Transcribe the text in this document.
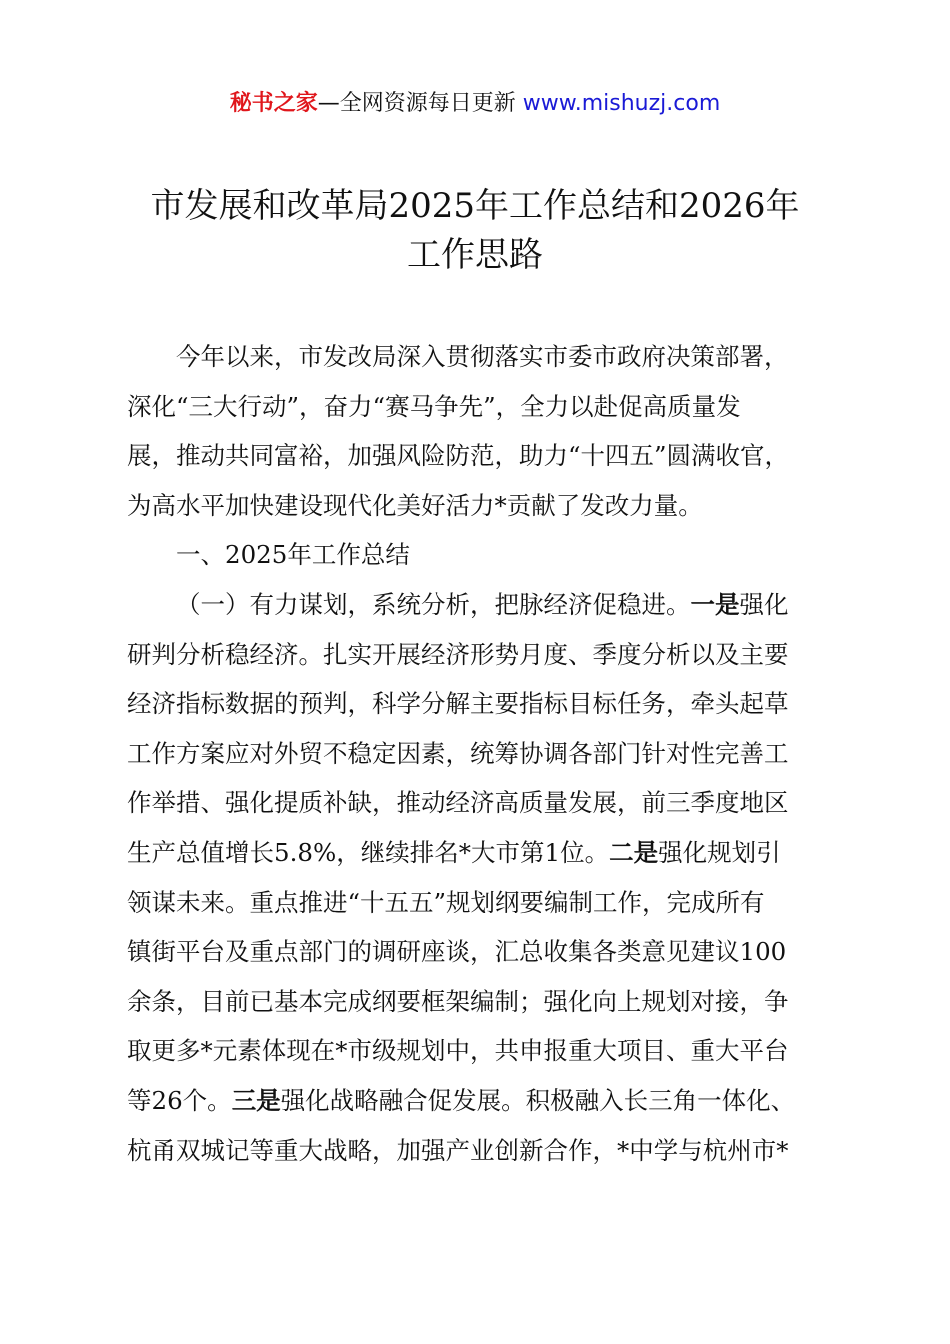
秘书之家—全网资源每日更新 www.mishuzj.com
市发展和改革局2025年工作总结和2026年
工作思路
今年以来，市发改局深入贯彻落实市委市政府决策部署，
深化“三大行动”，奋力“赛马争先”，全力以赴促高质量发
展，推动共同富裕，加强风险防范，助力“十四五”圆满收官，
为高水平加快建设现代化美好活力*贡献了发改力量。
一、2025年工作总结
（一）有力谋划，系统分析，把脉经济促稳进。一是强化
研判分析稳经济。扎实开展经济形势月度、季度分析以及主要
经济指标数据的预判，科学分解主要指标目标任务，牵头起草
工作方案应对外贸不稳定因素，统筹协调各部门针对性完善工
作举措、强化提质补缺，推动经济高质量发展，前三季度地区
生产总值增长5.8%，继续排名*大市第1位。二是强化规划引
领谋未来。重点推进“十五五”规划纲要编制工作，完成所有
镇街平台及重点部门的调研座谈，汇总收集各类意见建议100
余条，目前已基本完成纲要框架编制；强化向上规划对接，争
取更多*元素体现在*市级规划中，共申报重大项目、重大平台
等26个。三是强化战略融合促发展。积极融入长三角一体化、
杭甬双城记等重大战略，加强产业创新合作，*中学与杭州市*
